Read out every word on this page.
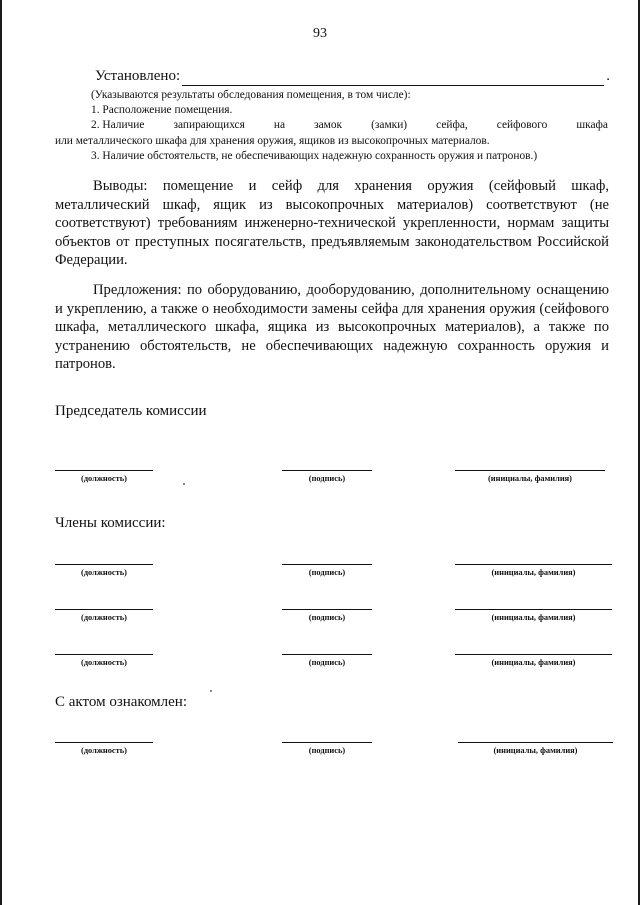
93
Установлено:	.
(Указываются результаты обследования помещения, в том числе):
1. Расположение помещения.
2. Наличие	запирающихся	на	замок	(замки)	сейфа,	сейфового	шкафа
или металлического шкафа для хранения оружия, ящиков из высокопрочных материалов.
3. Наличие обстоятельств, не обеспечивающих надежную сохранность оружия и патронов.)

Выводы: помещение и сейф для хранения оружия (сейфовый шкаф, металлический шкаф, ящик из высокопрочных материалов) соответствуют (не соответствуют) требованиям инженерно-технической укрепленности, нормам защиты объектов от преступных посягательств, предъявляемым законодательством Российской Федерации.

Предложения: по оборудованию, дооборудованию, дополнительному оснащению и укреплению, а также о необходимости замены сейфа для хранения оружия (сейфового шкафа, металлического шкафа, ящика из высокопрочных материалов), а также по устранению обстоятельств, не обеспечивающих надежную сохранность оружия и патронов.

Председатель комиссии
(должность)	(подпись)	(инициалы, фамилия)
Члены комиссии:
(должность)	(подпись)	(инициалы, фамилия)
(должность)	(подпись)	(инициалы, фамилия)
(должность)	(подпись)	(инициалы, фамилия)
С актом ознакомлен:
(должность)	(подпись)	(инициалы, фамилия)
